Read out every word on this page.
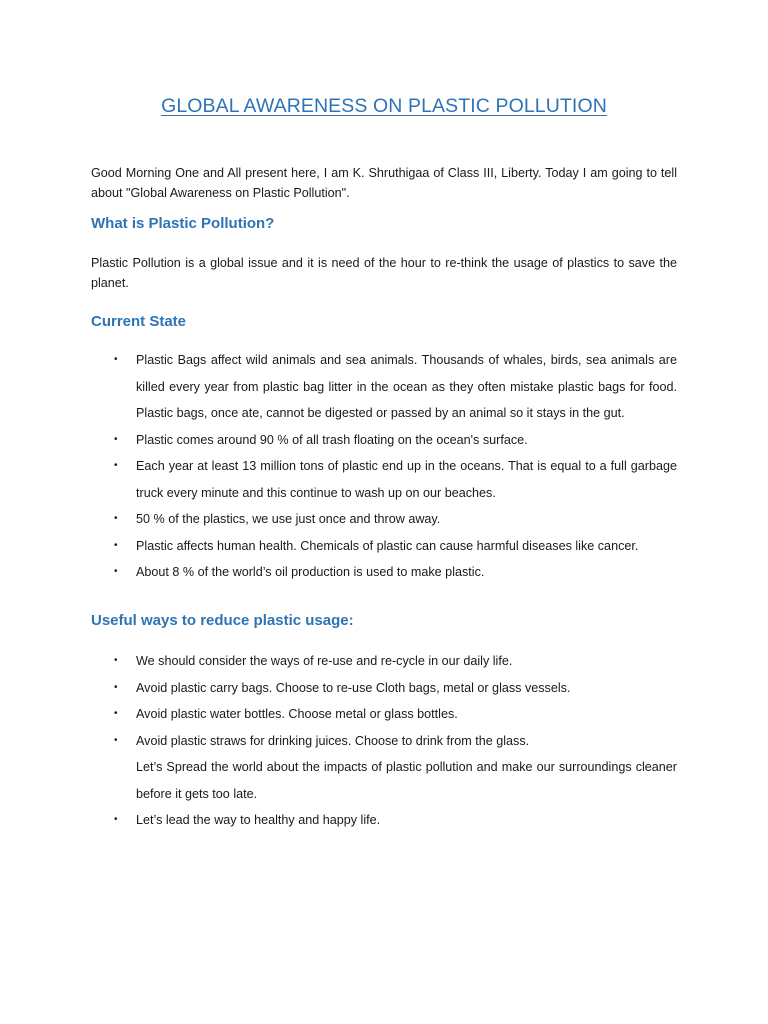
GLOBAL AWARENESS ON PLASTIC POLLUTION

Good Morning One and All present here, I am K. Shruthigaa of Class III, Liberty. Today I am going to tell about "Global Awareness on Plastic Pollution".

What is Plastic Pollution?

Plastic Pollution is a global issue and it is need of the hour to re-think the usage of plastics to save the planet.

Current State
• Plastic Bags affect wild animals and sea animals. Thousands of whales, birds, sea animals are killed every year from plastic bag litter in the ocean as they often mistake plastic bags for food. Plastic bags, once ate, cannot be digested or passed by an animal so it stays in the gut.
• Plastic comes around 90 % of all trash floating on the ocean's surface.
• Each year at least 13 million tons of plastic end up in the oceans. That is equal to a full garbage truck every minute and this continue to wash up on our beaches.
• 50 % of the plastics, we use just once and throw away.
• Plastic affects human health. Chemicals of plastic can cause harmful diseases like cancer.
• About 8 % of the world’s oil production is used to make plastic.
Useful ways to reduce plastic usage:
• We should consider the ways of re-use and re-cycle in our daily life.
• Avoid plastic carry bags. Choose to re-use Cloth bags, metal or glass vessels.
• Avoid plastic water bottles. Choose metal or glass bottles.
• Avoid plastic straws for drinking juices. Choose to drink from the glass.
Let’s Spread the world about the impacts of plastic pollution and make our surroundings cleaner before it gets too late.
• Let’s lead the way to healthy and happy life.
